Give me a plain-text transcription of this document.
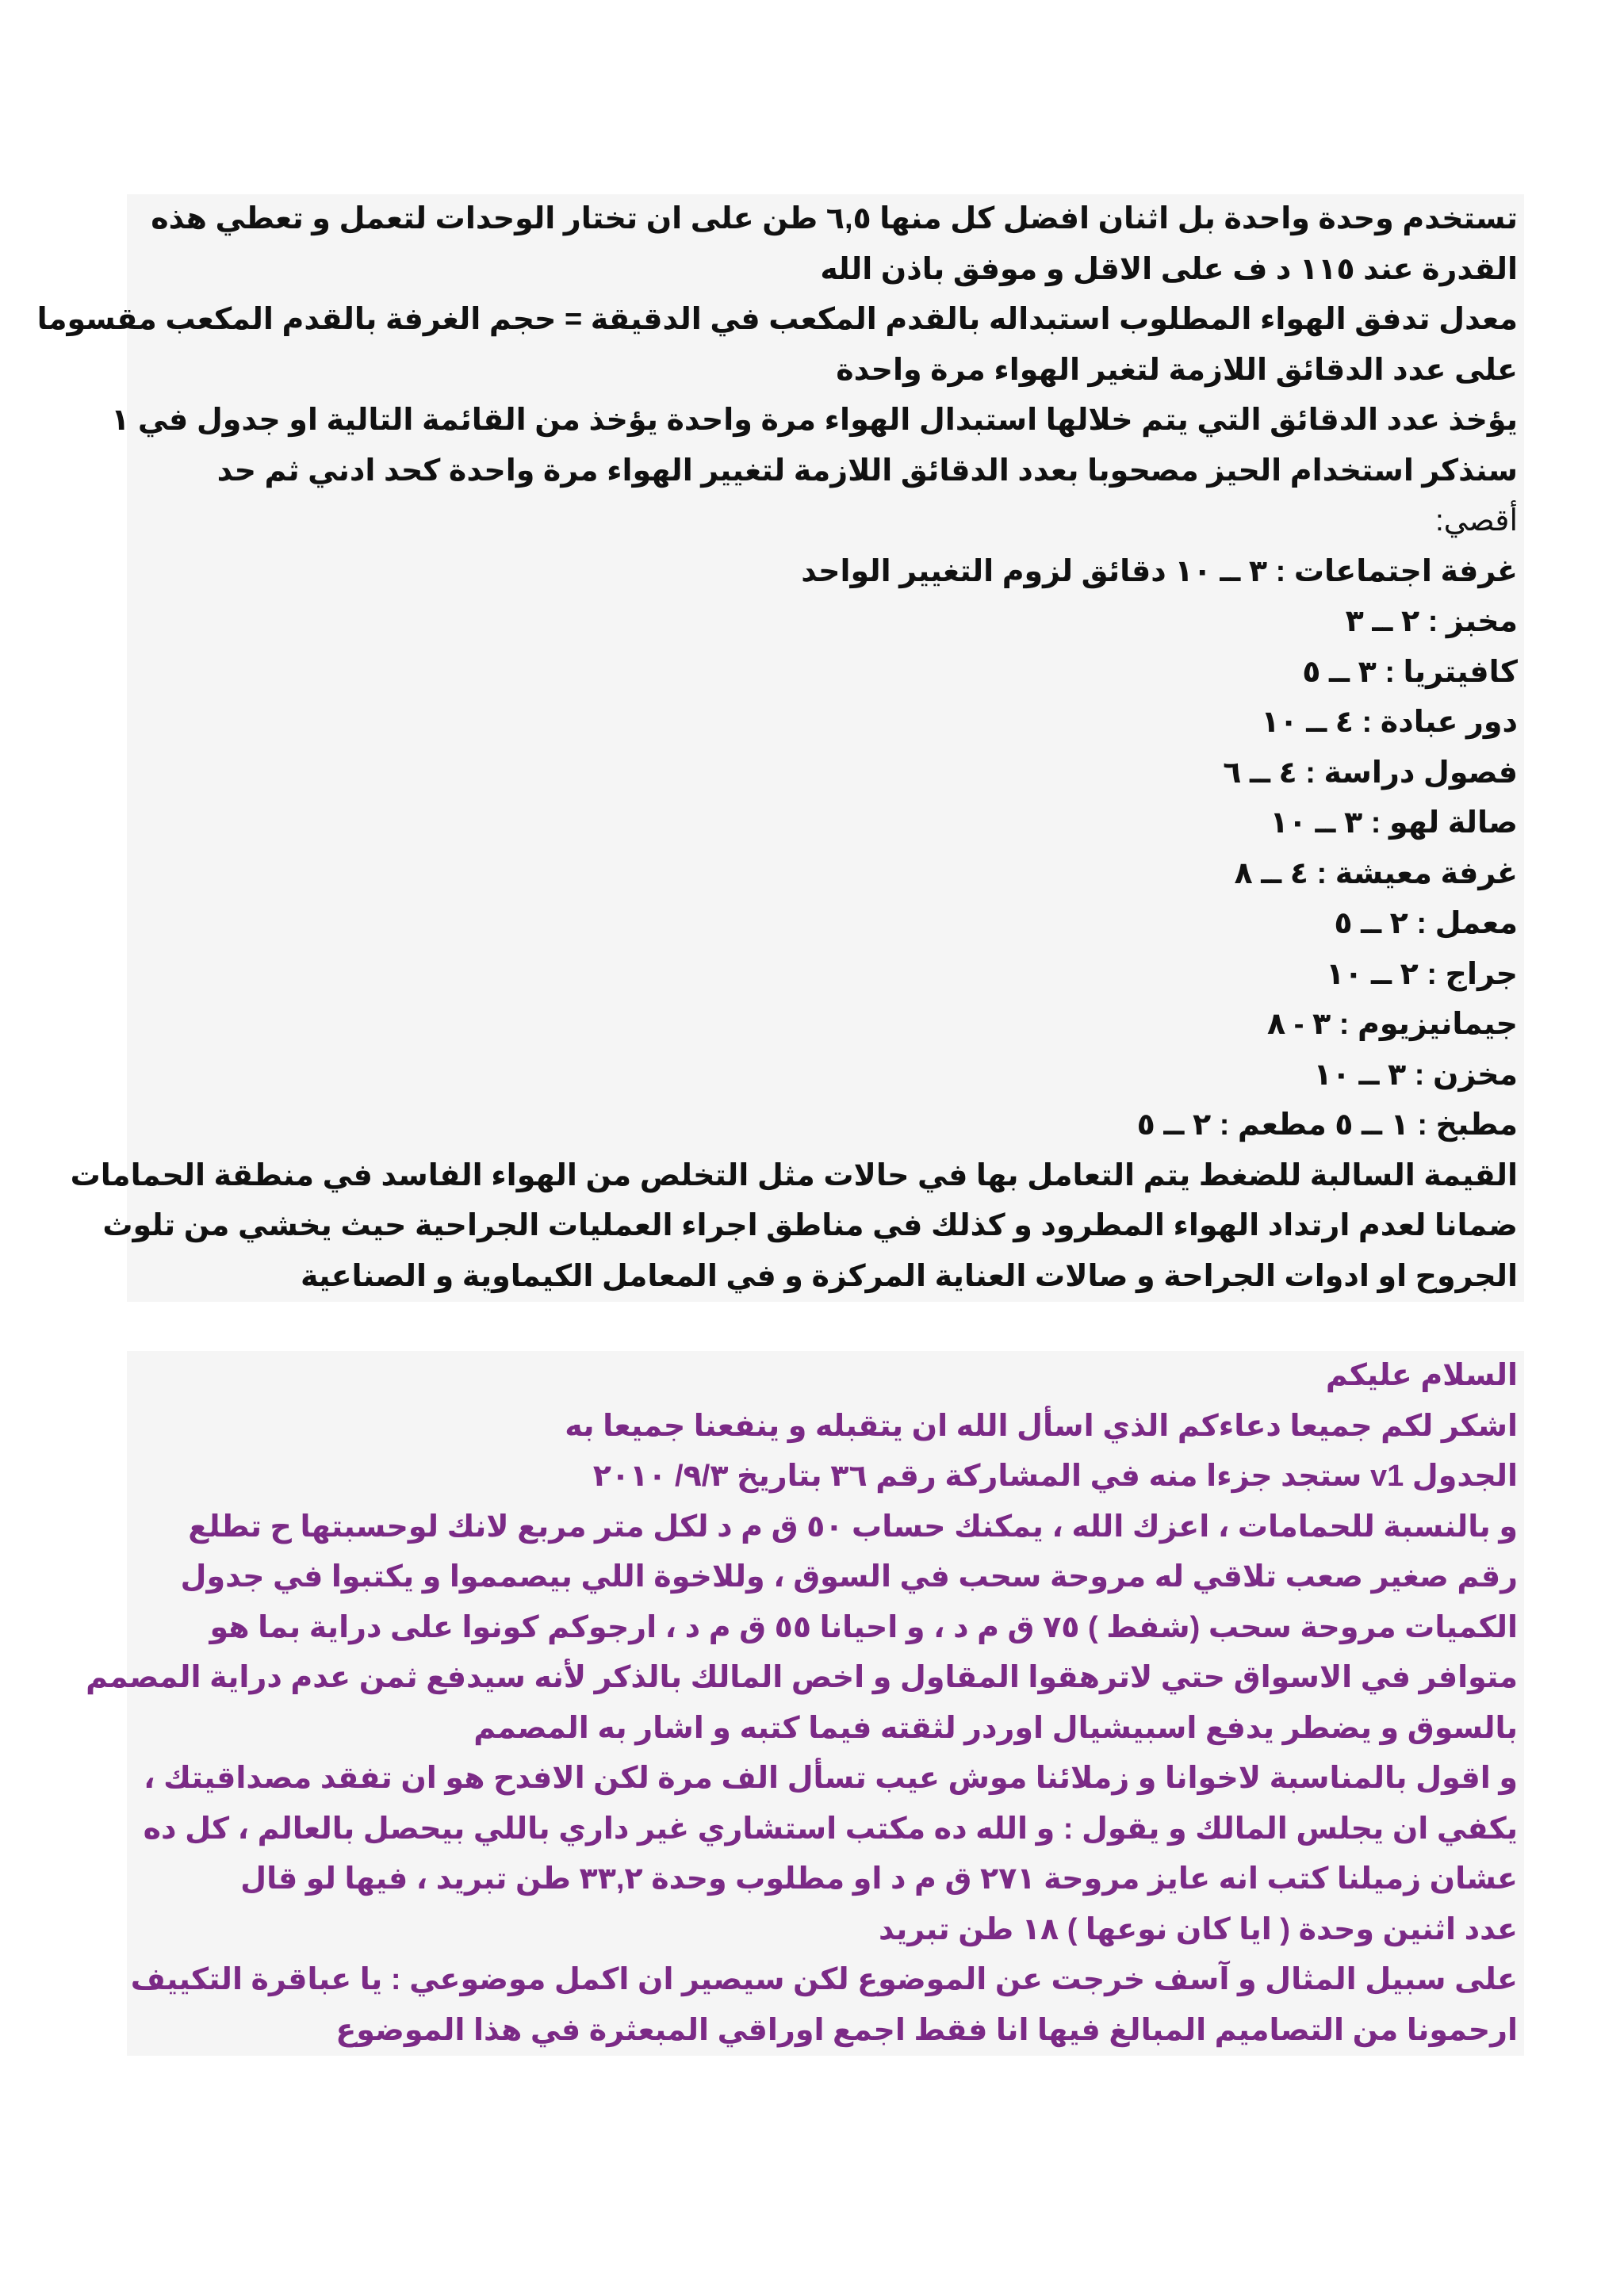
تستخدم وحدة واحدة بل اثنان افضل كل منها ٦,٥ طن على ان تختار الوحدات لتعمل و تعطي هذه
القدرة عند ١١٥ د ف على الاقل و موفق باذن الله
معدل تدفق الهواء المطلوب استبداله بالقدم المكعب في الدقيقة = حجم الغرفة بالقدم المكعب مقسوما
على عدد الدقائق اللازمة لتغير الهواء مرة واحدة
يؤخذ عدد الدقائق التي يتم خلالها استبدال الهواء مرة واحدة يؤخذ من القائمة التالية او جدول في ١
سنذكر استخدام الحيز مصحوبا بعدد الدقائق اللازمة لتغيير الهواء مرة واحدة كحد ادني ثم حد
أقصي:
غرفة اجتماعات : ٣ ــ ١٠ دقائق لزوم التغيير الواحد
مخبز : ٢ ــ ٣
كافيتريا : ٣ ــ ٥
دور عبادة : ٤ ــ ١٠
فصول دراسة : ٤ ــ ٦
صالة لهو : ٣ ــ ١٠
غرفة معيشة : ٤ ــ ٨
معمل : ٢ ــ ٥
جراج : ٢ ــ ١٠
جيمانيزيوم : ٣ - ٨
مخزن : ٣ ــ ١٠
مطبخ : ١ ــ ٥ مطعم : ٢ ــ ٥
القيمة السالبة للضغط يتم التعامل بها في حالات مثل التخلص من الهواء الفاسد في منطقة الحمامات
ضمانا لعدم ارتداد الهواء المطرود و كذلك في مناطق اجراء العمليات الجراحية حيث يخشي من تلوث
الجروح او ادوات الجراحة و صالات العناية المركزة و في المعامل الكيماوية و الصناعية
السلام عليكم
اشكر لكم جميعا دعاءكم الذي اسأل الله ان يتقبله و ينفعنا جميعا به
الجدول v1 ستجد جزءا منه في المشاركة رقم ٣٦ بتاريخ ٩/٣/ ٢٠١٠
و بالنسبة للحمامات ، اعزك الله ، يمكنك حساب ٥٠ ق م د لكل متر مربع لانك لوحسبتها ح تطلع
رقم صغير صعب تلاقي له مروحة سحب في السوق ، وللاخوة اللي بيصمموا و يكتبوا في جدول
الكميات مروحة سحب (شفط ) ٧٥ ق م د ، و احيانا ٥٥ ق م د ، ارجوكم كونوا على دراية بما هو
متوافر في الاسواق حتي لاترهقوا المقاول و اخص المالك بالذكر لأنه سيدفع ثمن عدم دراية المصمم
بالسوق و يضطر يدفع اسبيشيال اوردر لثقته فيما كتبه و اشار به المصمم
و اقول بالمناسبة لاخوانا و زملائنا موش عيب تسأل الف مرة لكن الافدح هو ان تفقد مصداقيتك ،
يكفي ان يجلس المالك و يقول : و الله ده مكتب استشاري غير داري باللي بيحصل بالعالم ، كل ده
عشان زميلنا كتب انه عايز مروحة ٢٧١ ق م د او مطلوب وحدة ٣٣,٢ طن تبريد ، فيها لو قال
عدد اثنين وحدة ( ايا كان نوعها ) ١٨ طن تبريد
على سبيل المثال و آسف خرجت عن الموضوع لكن سيصير ان اكمل موضوعي : يا عباقرة التكييف
ارحمونا من التصاميم المبالغ فيها انا فقط اجمع اوراقي المبعثرة في هذا الموضوع
